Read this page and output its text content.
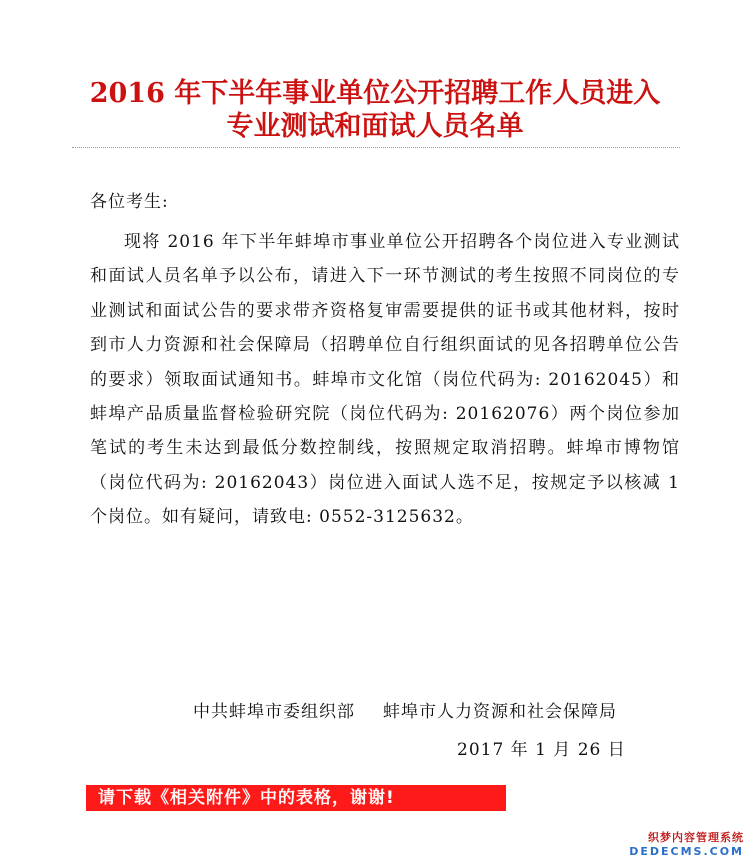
2016 年下半年事业单位公开招聘工作人员进入
专业测试和面试人员名单
各位考生:

现将 2016 年下半年蚌埠市事业单位公开招聘各个岗位进入专业测试和面试人员名单予以公布，请进入下一环节测试的考生按照不同岗位的专业测试和面试公告的要求带齐资格复审需要提供的证书或其他材料，按时到市人力资源和社会保障局（招聘单位自行组织面试的见各招聘单位公告的要求）领取面试通知书。蚌埠市文化馆（岗位代码为: 20162045）和蚌埠产品质量监督检验研究院（岗位代码为: 20162076）两个岗位参加笔试的考生未达到最低分数控制线，按照规定取消招聘。蚌埠市博物馆（岗位代码为: 20162043）岗位进入面试人选不足，按规定予以核减 1 个岗位。如有疑问，请致电: 0552-3125632。

中共蚌埠市委组织部 蚌埠市人力资源和社会保障局
2017 年 1 月 26 日
请下载《相关附件》中的表格，谢谢!
织梦内容管理系统
DEDECMS.COM
